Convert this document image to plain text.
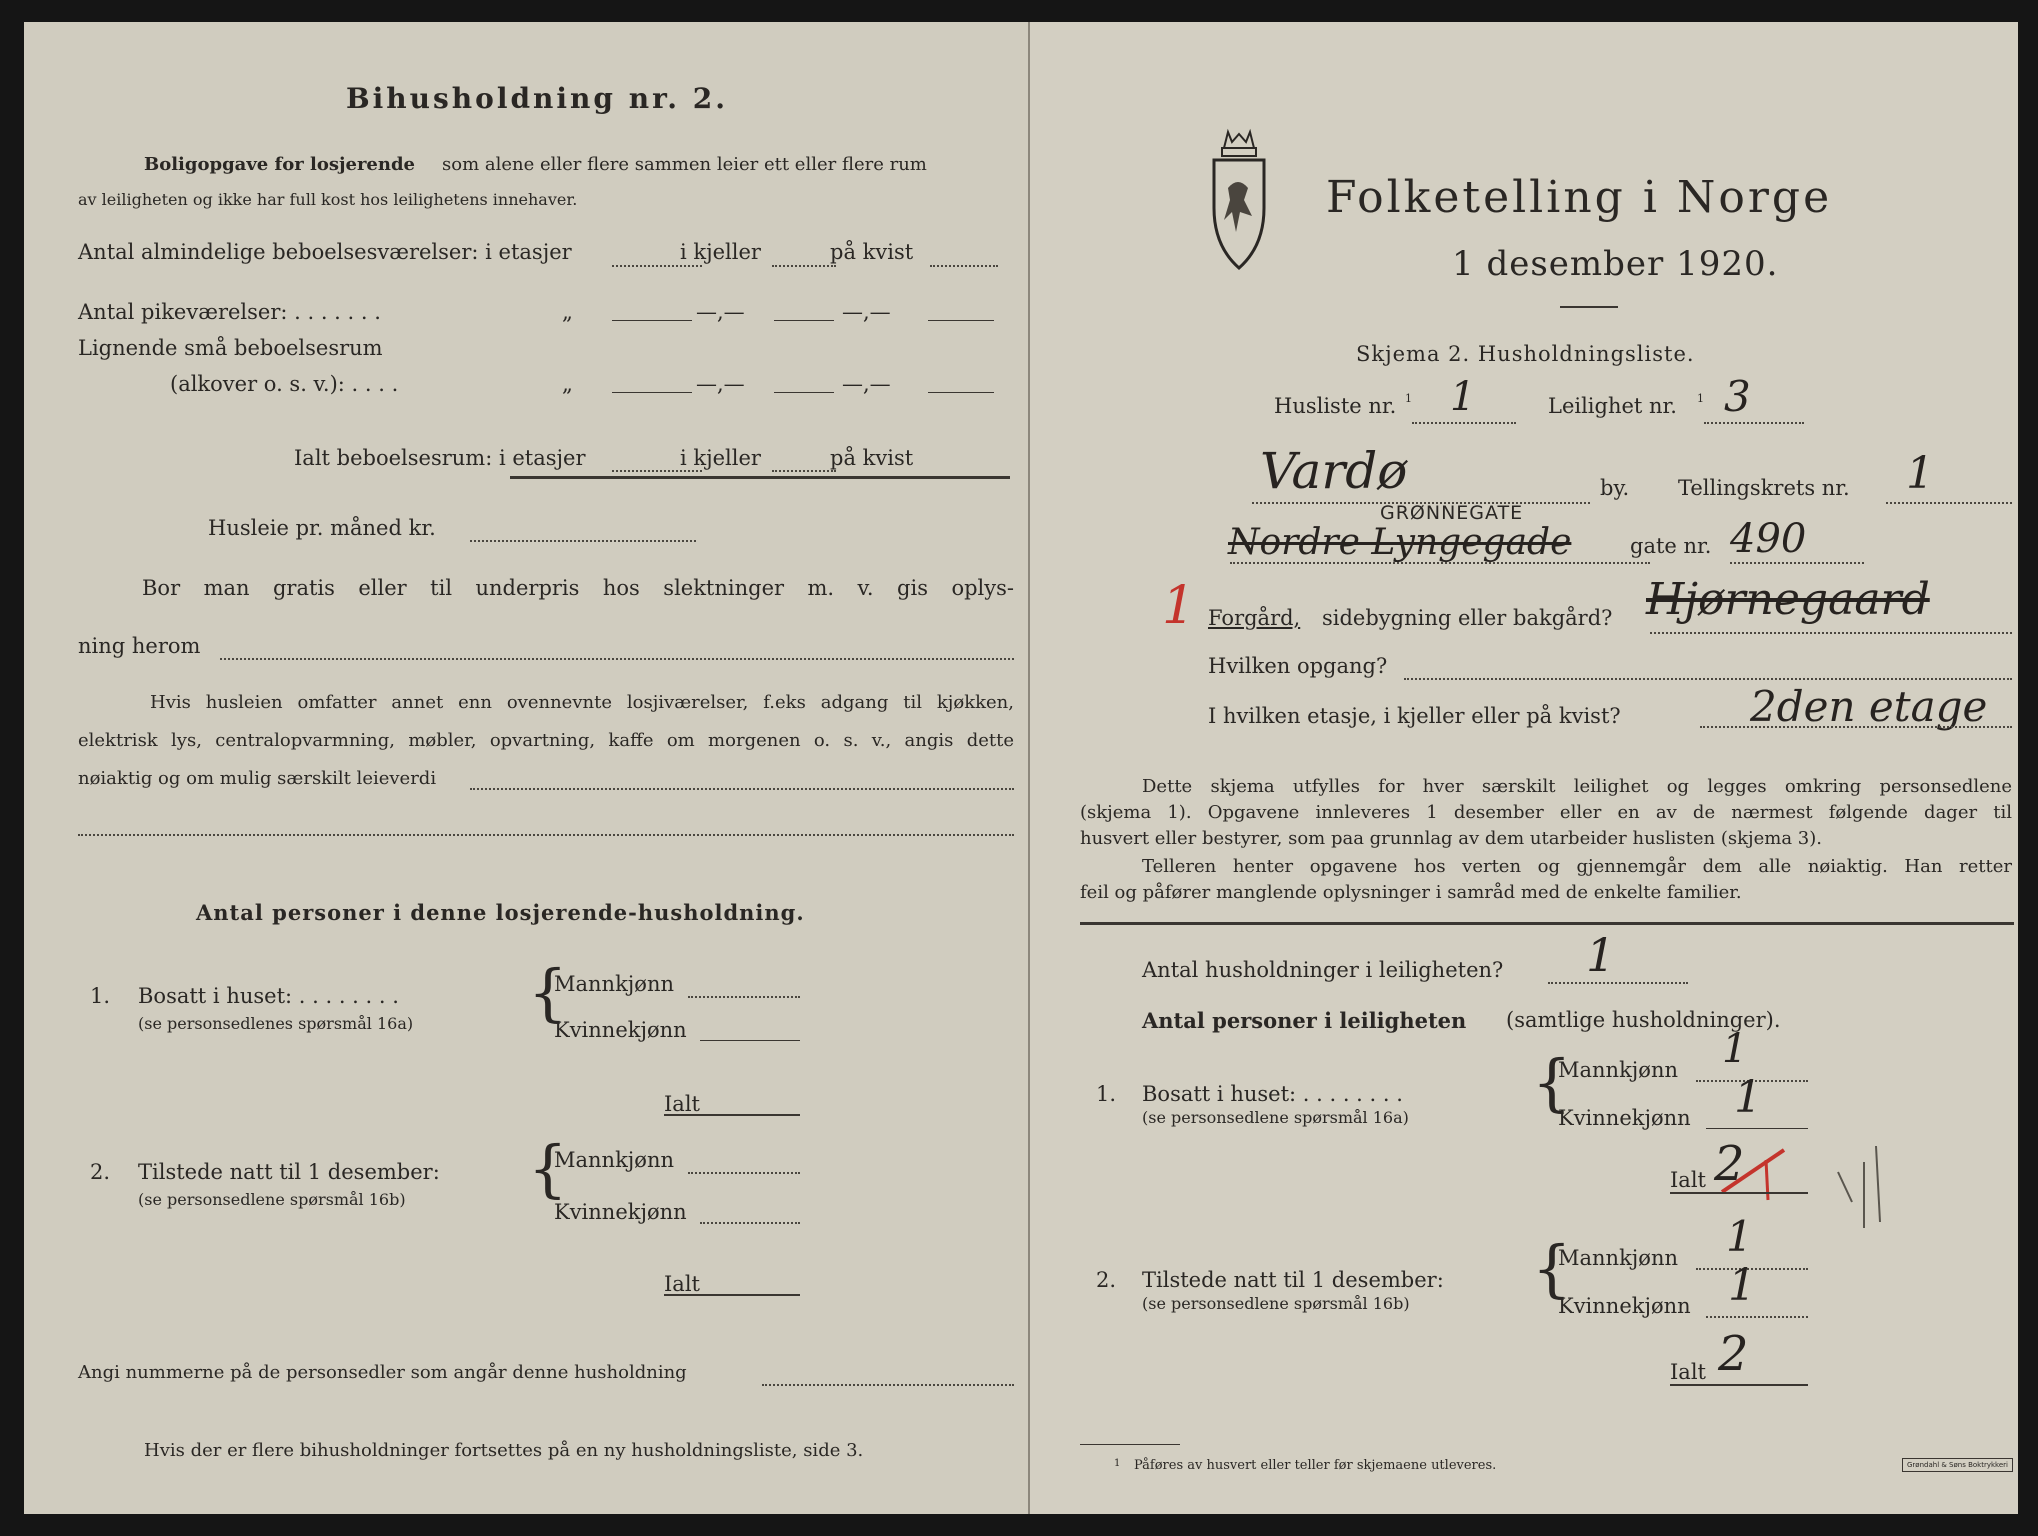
Bihusholdning nr. 2.
Boligopgave for losjerende som alene eller flere sammen leier ett eller flere rum
av leiligheten og ikke har full kost hos leilighetens innehaver.
Antal almindelige beboelsesværelser: i etasjer	i kjeller	på kvist
Antal pikeværelser: . . . . . . .	„	—,—	—,—
Lignende små beboelsesrum
(alkover o. s. v.): . . . .	„	—,—	—,—
Ialt beboelsesrum: i etasjer	i kjeller	på kvist
Husleie pr. måned kr.
Bor man gratis eller til underpris hos slektninger m. v. gis oplys-
ning herom
Hvis husleien omfatter annet enn ovennevnte losjiværelser, f.eks adgang til kjøkken,
elektrisk lys, centralopvarmning, møbler, opvartning, kaffe om morgenen o. s. v., angis dette
nøiaktig og om mulig særskilt leieverdi
Antal personer i denne losjerende-husholdning.
1. Bosatt i huset: . . . . . . . .
(se personsedlenes spørsmål 16a) {
Mannkjønn
Kvinnekjønn
Ialt
2. Tilstede natt til 1 desember:
(se personsedlene spørsmål 16b) {
Mannkjønn
Kvinnekjønn
Ialt
Angi nummerne på de personsedler som angår denne husholdning
Hvis der er flere bihusholdninger fortsettes på en ny husholdningsliste, side 3.
Folketelling i Norge
1 desember 1920.
Skjema 2. Husholdningsliste.
Husliste nr. 1 1	Leilighet nr. 1 3
Vardø	by. Tellingskrets nr. 1
GRØNNEGATE
Nordre Lyngegade	gate nr. 490
1 Forgård, sidebygning eller bakgård? Hjørnegaard
Hvilken opgang?
I hvilken etasje, i kjeller eller på kvist?	2den etage
Dette skjema utfylles for hver særskilt leilighet og legges omkring personsedlene
(skjema 1). Opgavene innleveres 1 desember eller en av de nærmest følgende dager til
husvert eller bestyrer, som paa grunnlag av dem utarbeider huslisten (skjema 3).
Telleren henter opgavene hos verten og gjennemgår dem alle nøiaktig. Han retter
feil og påfører manglende oplysninger i samråd med de enkelte familier.
Antal husholdninger i leiligheten? 1
Antal personer i leiligheten (samtlige husholdninger).
1. Bosatt i huset: . . . . . . . .
(se personsedlene spørsmål 16a) {
Mannkjønn 1
Kvinnekjønn 1
Ialt 2
2. Tilstede natt til 1 desember:
(se personsedlene spørsmål 16b) {
Mannkjønn 1
Kvinnekjønn 1
Ialt 2
1 Påføres av husvert eller teller før skjemaene utleveres.	Grøndahl & Søns Boktrykkeri
